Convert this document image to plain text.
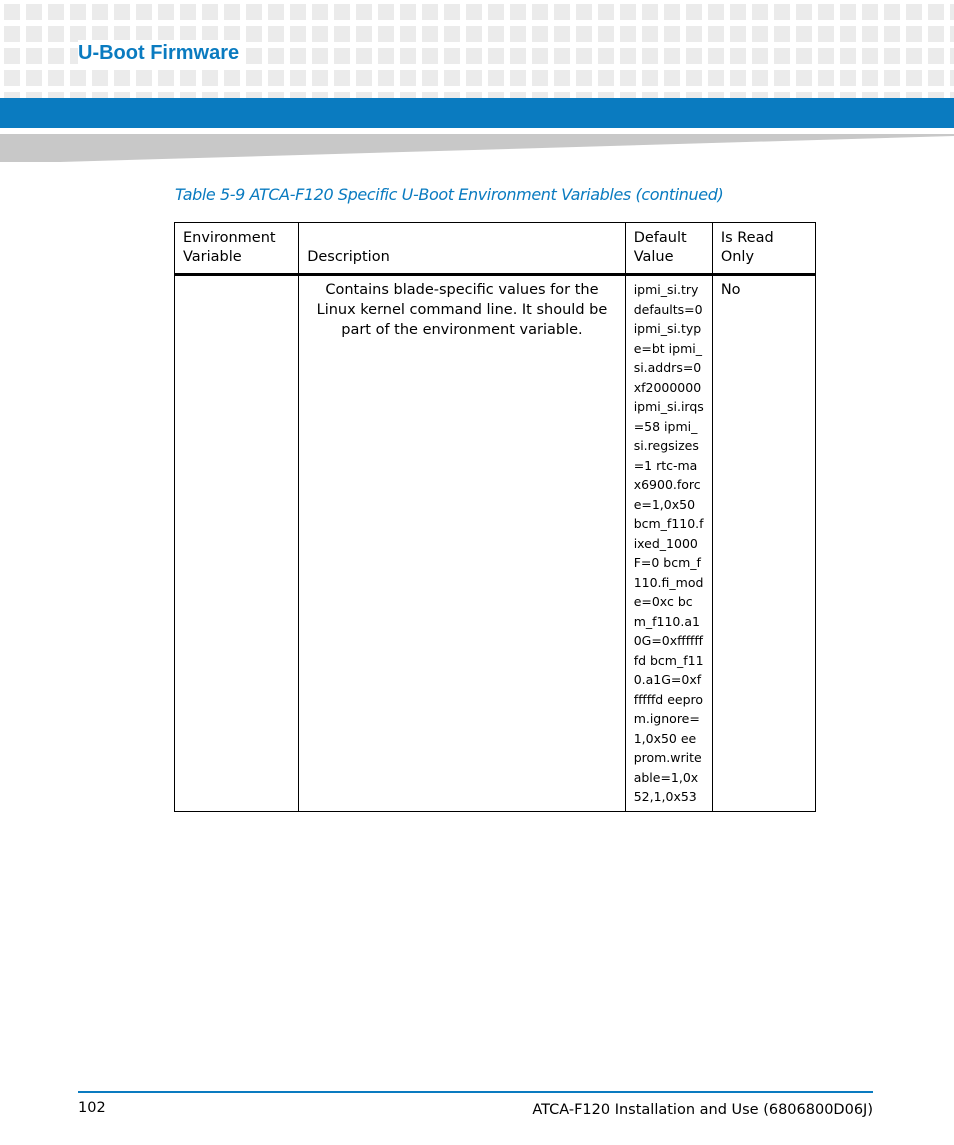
U-Boot Firmware

Table 5-9 ATCA-F120 Specific U-Boot Environment Variables (continued)

Environment Variable	Description	Default Value	Is Read Only
	Contains blade-specific values for the Linux kernel command line. It should be part of the environment variable.	ipmi_si.trydefaults=0 ipmi_si.type=bt ipmi_si.addrs=0xf2000000 ipmi_si.irqs=58 ipmi_si.regsizes=1 rtc-max6900.force=1,0x50 bcm_f110.fixed_1000F=0 bcm_f110.fi_mode=0xc bcm_f110.a10G=0xfffffffd bcm_f110.a1G=0xffffffd eeprom.ignore=1,0x50 eeprom.writeable=1,0x52,1,0x53	No
102	ATCA-F120 Installation and Use (6806800D06J)
